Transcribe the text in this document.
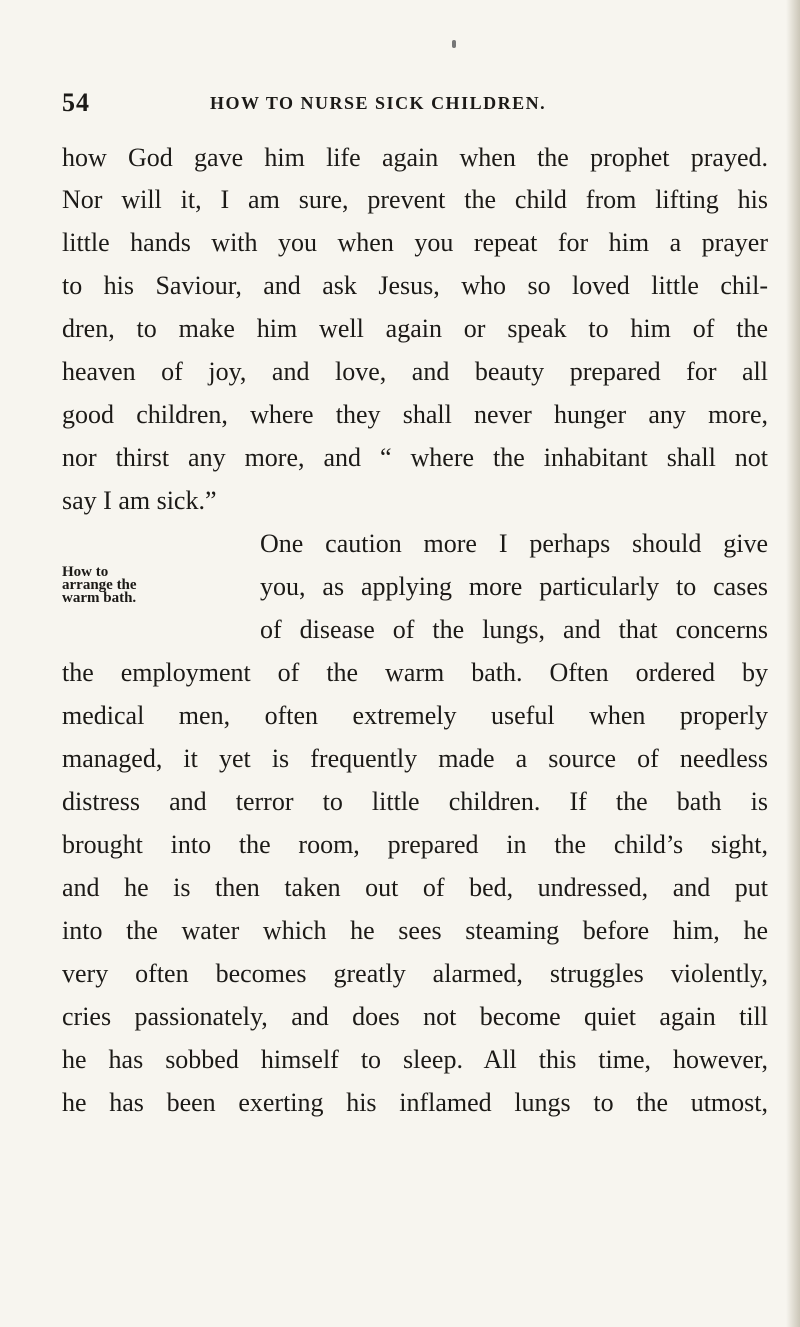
54	HOW TO NURSE SICK CHILDREN.
how God gave him life again when the prophet prayed.
Nor will it, I am sure, prevent the child from lifting his
little hands with you when you repeat for him a prayer
to his Saviour, and ask Jesus, who so loved little chil-
dren, to make him well again or speak to him of the
heaven of joy, and love, and beauty prepared for all
good children, where they shall never hunger any more,
nor thirst any more, and “ where the inhabitant shall not
say I am sick.”
One caution more I perhaps should give
you, as applying more particularly to cases
of disease of the lungs, and that concerns
the employment of the warm bath. Often ordered by
medical men, often extremely useful when properly
managed, it yet is frequently made a source of needless
distress and terror to little children. If the bath is
brought into the room, prepared in the child’s sight,
and he is then taken out of bed, undressed, and put
into the water which he sees steaming before him, he
very often becomes greatly alarmed, struggles violently,
cries passionately, and does not become quiet again till
he has sobbed himself to sleep. All this time, however,
he has been exerting his inflamed lungs to the utmost,
How to
arrange the
warm bath.
